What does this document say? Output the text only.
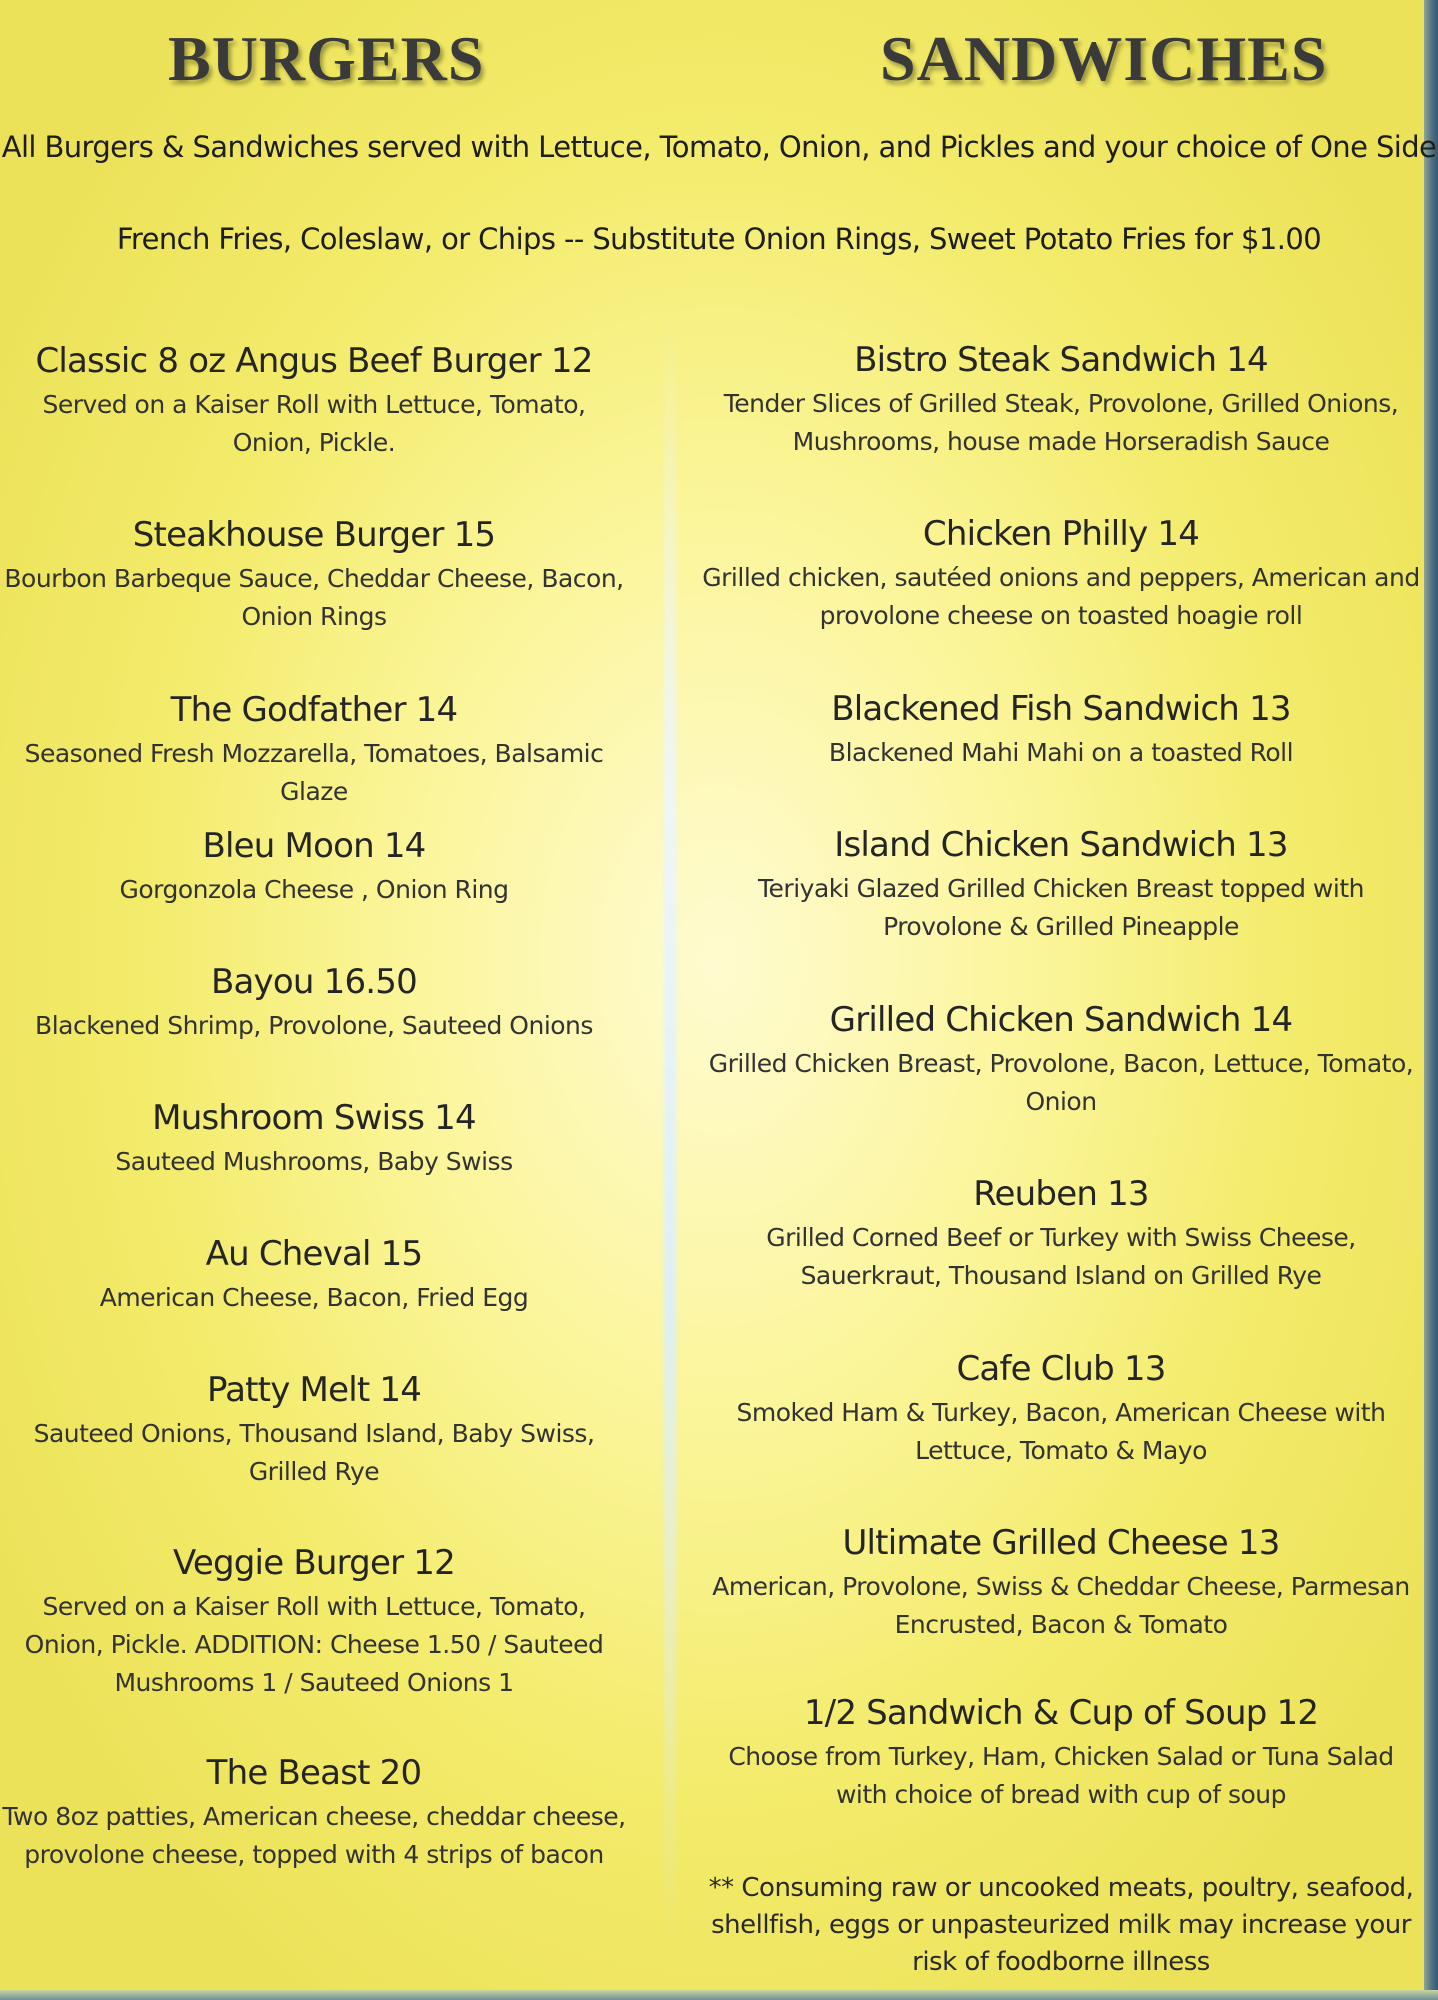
BURGERS	SANDWICHES
All Burgers & Sandwiches served with Lettuce, Tomato, Onion, and Pickles and your choice of One Side
French Fries, Coleslaw, or Chips -- Substitute Onion Rings, Sweet Potato Fries for $1.00

Classic 8 oz Angus Beef Burger 12

Served on a Kaiser Roll with Lettuce, Tomato, Onion, Pickle.

Steakhouse Burger 15

Bourbon Barbeque Sauce, Cheddar Cheese, Bacon, Onion Rings

The Godfather 14

Seasoned Fresh Mozzarella, Tomatoes, Balsamic Glaze

Bleu Moon 14

Gorgonzola Cheese , Onion Ring

Bayou 16.50

Blackened Shrimp, Provolone, Sauteed Onions

Mushroom Swiss 14

Sauteed Mushrooms, Baby Swiss

Au Cheval 15

American Cheese, Bacon, Fried Egg

Patty Melt 14

Sauteed Onions, Thousand Island, Baby Swiss, Grilled Rye

Veggie Burger 12

Served on a Kaiser Roll with Lettuce, Tomato, Onion, Pickle. ADDITION: Cheese 1.50 / Sauteed Mushrooms 1 / Sauteed Onions 1

The Beast 20

Two 8oz patties, American cheese, cheddar cheese, provolone cheese, topped with 4 strips of bacon

Bistro Steak Sandwich 14

Tender Slices of Grilled Steak, Provolone, Grilled Onions, Mushrooms, house made Horseradish Sauce

Chicken Philly 14

Grilled chicken, sautéed onions and peppers, American and provolone cheese on toasted hoagie roll

Blackened Fish Sandwich 13

Blackened Mahi Mahi on a toasted Roll

Island Chicken Sandwich 13

Teriyaki Glazed Grilled Chicken Breast topped with Provolone & Grilled Pineapple

Grilled Chicken Sandwich 14

Grilled Chicken Breast, Provolone, Bacon, Lettuce, Tomato, Onion

Reuben 13

Grilled Corned Beef or Turkey with Swiss Cheese, Sauerkraut, Thousand Island on Grilled Rye

Cafe Club 13

Smoked Ham & Turkey, Bacon, American Cheese with Lettuce, Tomato & Mayo

Ultimate Grilled Cheese 13

American, Provolone, Swiss & Cheddar Cheese, Parmesan Encrusted, Bacon & Tomato

1/2 Sandwich & Cup of Soup 12

Choose from Turkey, Ham, Chicken Salad or Tuna Salad with choice of bread with cup of soup

** Consuming raw or uncooked meats, poultry, seafood, shellfish, eggs or unpasteurized milk may increase your risk of foodborne illness
